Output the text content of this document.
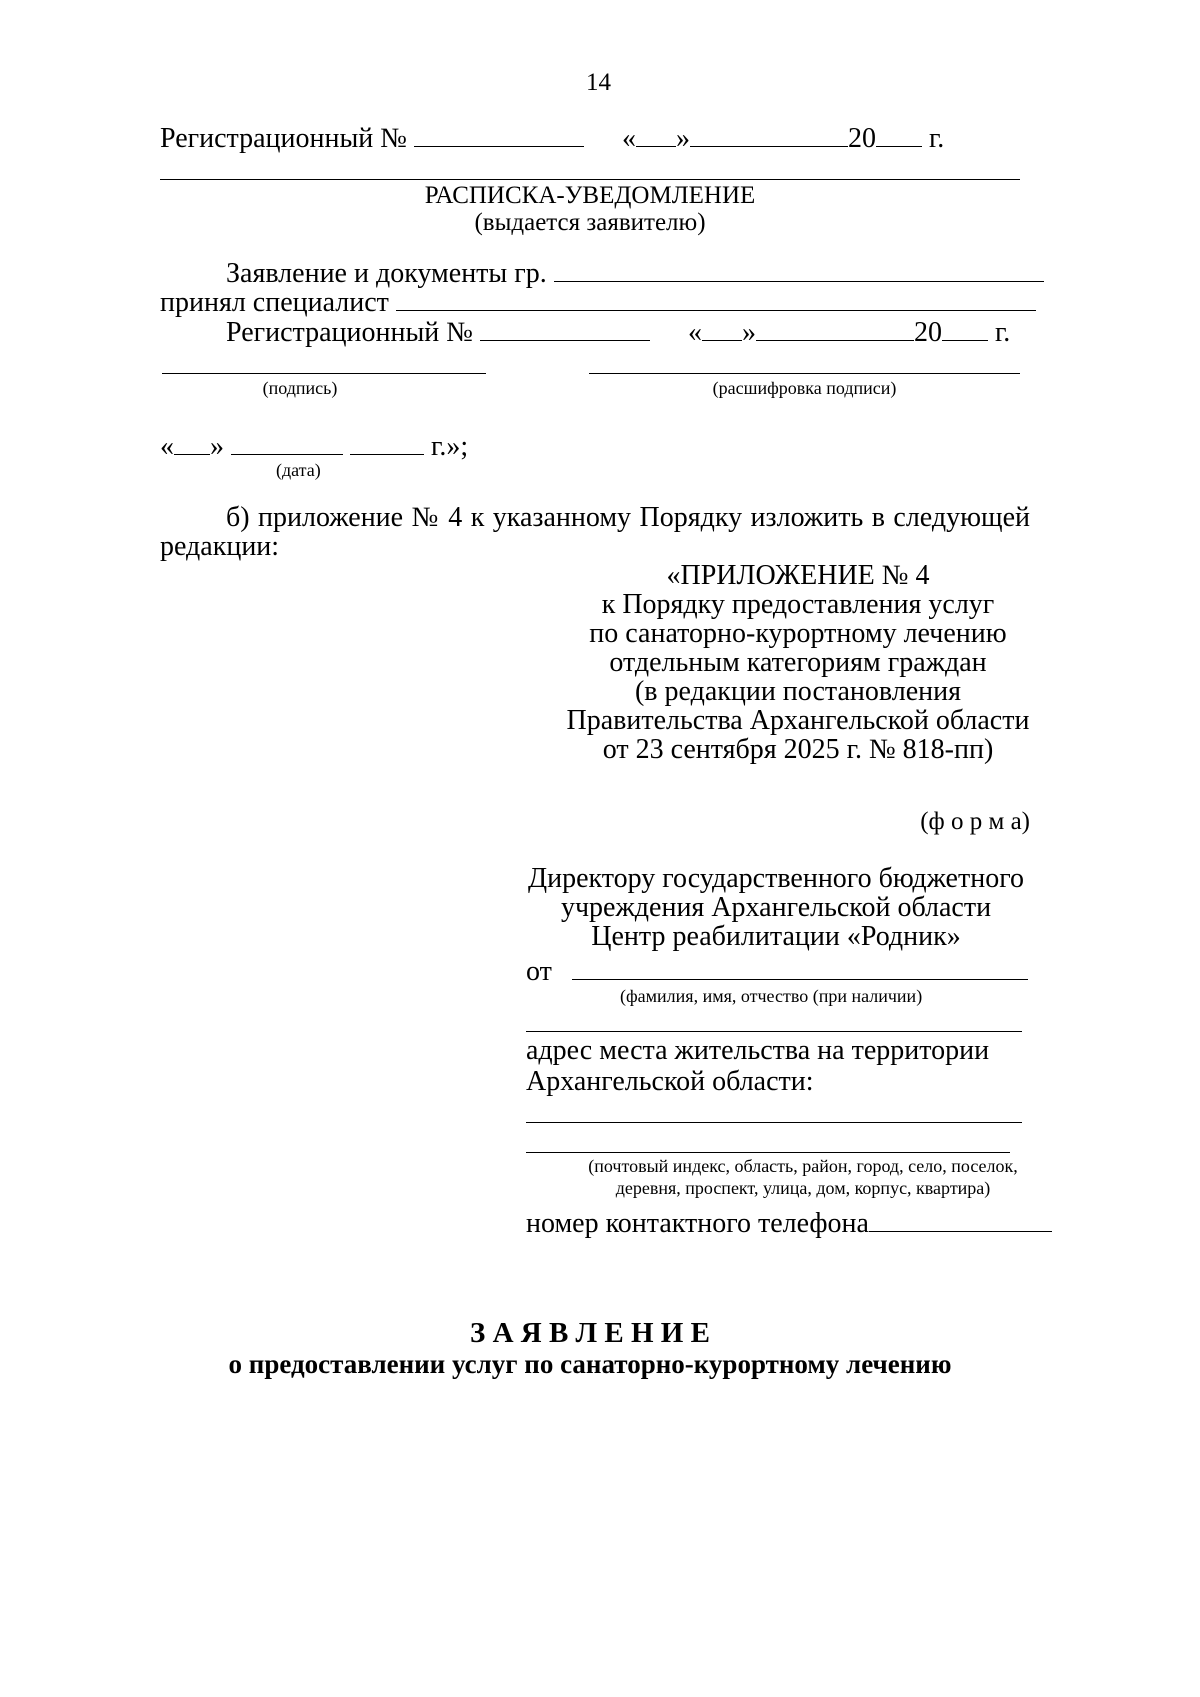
14
Регистрационный №	« »	20 г.
РАСПИСКА-УВЕДОМЛЕНИЕ
(выдается заявителю)
Заявление и документы гр.
принял специалист
Регистрационный №	« »	20 г.
(подпись)	(расшифровка подписи)
« »	г.»;
(дата)
б) приложение № 4 к указанному Порядку изложить в следующей
редакции:
«ПРИЛОЖЕНИЕ № 4
к Порядку предоставления услуг
по санаторно-курортному лечению
отдельным категориям граждан
(в редакции постановления
Правительства Архангельской области
от 23 сентября 2025 г. № 818-пп)
(ф о р м а)
Директору государственного бюджетного
учреждения Архангельской области
Центр реабилитации «Родник»
от
(фамилия, имя, отчество (при наличии)
адрес места жительства на территории
Архангельской области:
(почтовый индекс, область, район, город, село, поселок,
деревня, проспект, улица, дом, корпус, квартира)
номер контактного телефона
З А Я В Л Е Н И Е
о предоставлении услуг по санаторно-курортному лечению
